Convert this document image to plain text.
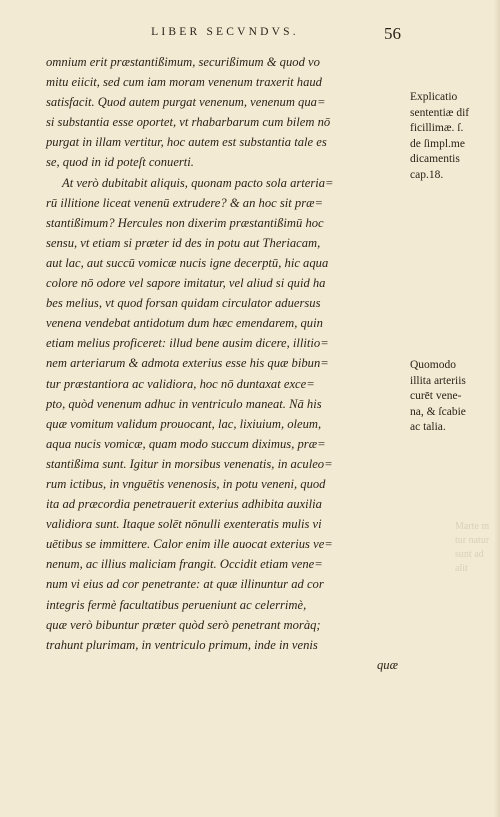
LIBER SECVNDVS.	56
omnium erit præstantißimum, securißimum & quod vo
mitu eiicit, sed cum iam moram venenum traxerit haud
satisfacit. Quod autem purgat venenum, venenum qua=
si substantia esse oportet, vt rhabarbarum cum bilem nō
purgat in illam vertitur, hoc autem est substantia tale es
se, quod in id poteſt conuerti.
At verò dubitabit aliquis, quonam pacto sola arteria=
rū illitione liceat venenū extrudere? & an hoc sit præ=
stantißimum? Hercules non dixerim præstantißimū hoc
sensu, vt etiam si præter id des in potu aut Theriacam,
aut lac, aut succū vomicæ nucis igne decerptū, hic aqua
colore nō odore vel sapore imitatur, vel aliud si quid ha
bes melius, vt quod forsan quidam circulator aduersus
venena vendebat antidotum dum hæc emendarem, quin
etiam melius proficeret: illud bene ausim dicere, illitio=
nem arteriarum & admota exterius esse his quæ bibun=
tur præstantiora ac validiora, hoc nō duntaxat exce=
pto, quòd venenum adhuc in ventriculo maneat. Nā his
quæ vomitum validum prouocant, lac, lixiuium, oleum,
aqua nucis vomicæ, quam modo succum diximus, præ=
stantißima sunt. Igitur in morsibus venenatis, in aculeo=
rum ictibus, in vnguētis venenosis, in potu veneni, quod
ita ad præcordia penetrauerit exterius adhibita auxilia
validiora sunt. Itaque solēt nōnulli exenteratis mulis vi
uētibus se immittere. Calor enim ille auocat exterius ve=
nenum, ac illius maliciam frangit. Occidit etiam vene=
num vi eius ad cor penetrante: at quæ illinuntur ad cor
integris fermè facultatibus perueniunt ac celerrimè,
quæ verò bibuntur præter quòd serò penetrant moràq;
trahunt plurimam, in ventriculo primum, inde in venis
quæ
Explicatio
sententiæ dif
ficillimæ. ſ.
de ſimpl.me
dicamentis
cap.18.
Quomodo
illita arteriis
curēt vene-
na, & ſcabie
ac talia.
Marte m
tur natur
sunt ad
alit
